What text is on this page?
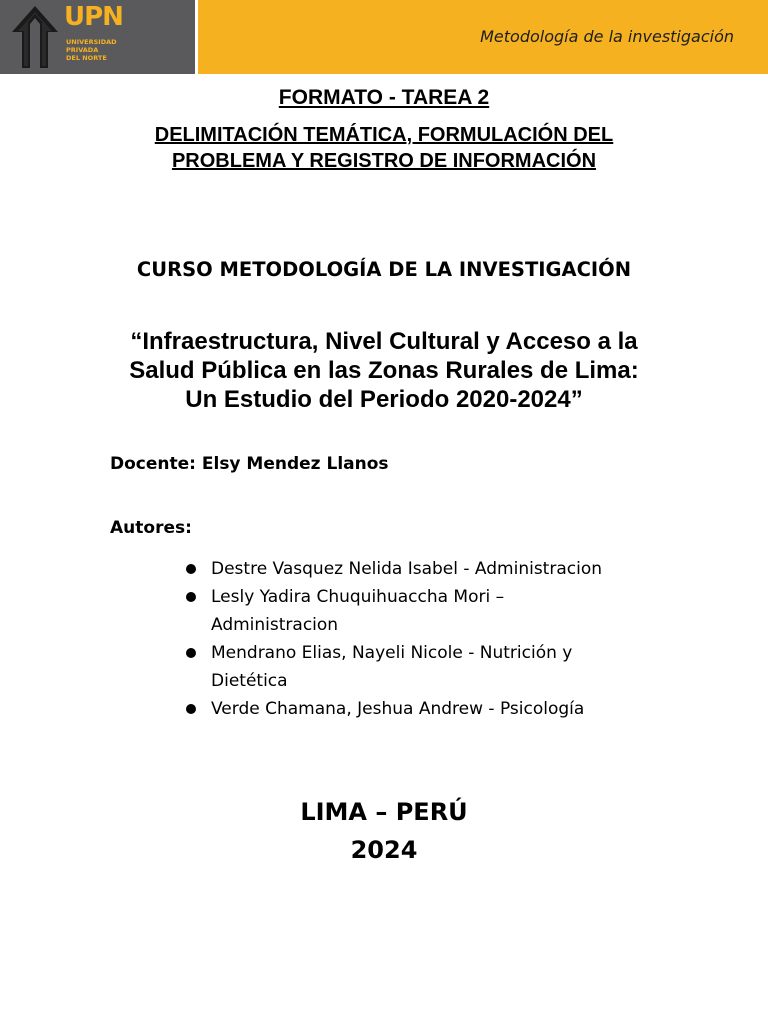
UPN
UNIVERSIDAD
PRIVADA
DEL NORTE
Metodología de la investigación
FORMATO - TAREA 2
DELIMITACIÓN TEMÁTICA, FORMULACIÓN DEL
PROBLEMA Y REGISTRO DE INFORMACIÓN
CURSO METODOLOGÍA DE LA INVESTIGACIÓN
“Infraestructura, Nivel Cultural y Acceso a la
Salud Pública en las Zonas Rurales de Lima:
Un Estudio del Periodo 2020-2024”
Docente: Elsy Mendez Llanos
Autores:
Destre Vasquez Nelida Isabel - Administracion
Lesly Yadira Chuquihuaccha Mori –
Administracion
Mendrano Elias, Nayeli Nicole - Nutrición y
Dietética
Verde Chamana, Jeshua Andrew - Psicología
LIMA – PERÚ
2024
